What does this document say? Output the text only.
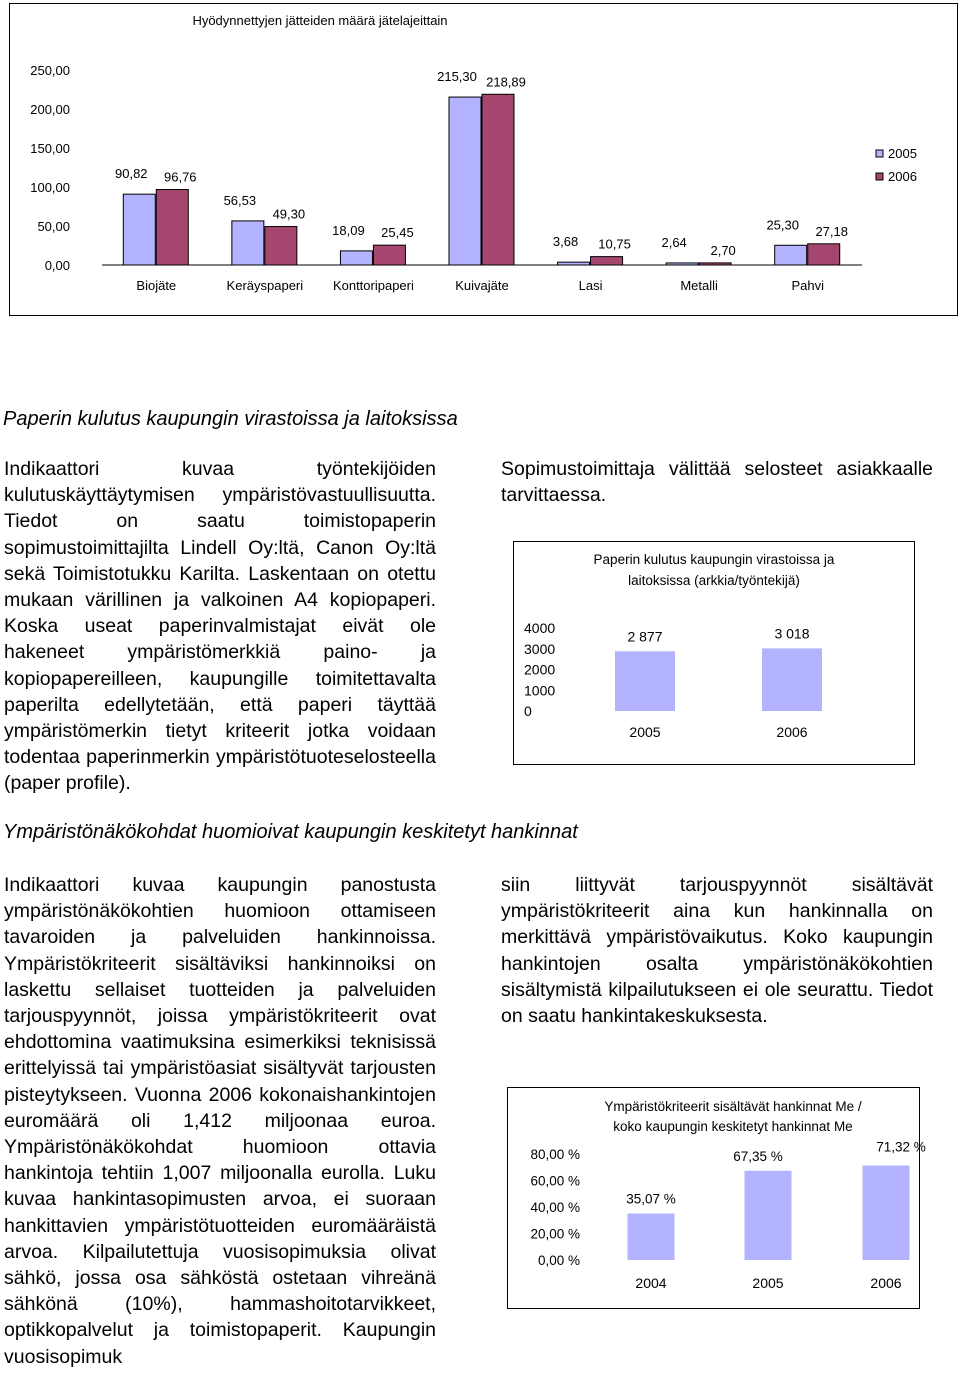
Hyödynnettyjen jätteiden määrä jätelajeittain
0,00
50,00
100,00
150,00
200,00
250,00
Biojäte
90,82 96,76
Keräyspaperi
56,53
49,30
Konttoripaperi
18,09 25,45
Kuivajäte
215,30 218,89
Lasi
3,68 10,75
Metalli
2,64
2,70
Pahvi
25,30 27,18
2005
2006
Paperin kulutus kaupungin virastoissa ja laitoksissa

Indikaattori kuvaa työntekijöiden kulutuskäyttäytymisen ympäristövastuullisuutta. Tiedot on saatu toimistopaperin sopimustoimittajilta Lindell Oy:ltä, Canon Oy:ltä sekä Toimistotukku Karilta. Laskentaan on otettu mukaan värillinen ja valkoinen A4 kopiopaperi. Koska useat paperinvalmistajat eivät ole hakeneet ympäristömerkkiä paino- ja kopiopapereilleen, kaupungille toimitettavalta paperilta edellytetään, että paperi täyttää ympäristömerkin tietyt kriteerit jotka voidaan todentaa paperinmerkin ympäristötuoteselosteella (paper profile).

Sopimustoimittaja välittää selosteet asiakkaalle tarvittaessa.

Paperin kulutus kaupungin virastoissa ja
laitoksissa (arkkia/työntekijä)
0
1000
2000
3000
4000
2 877
2005
3 018
2006
Ympäristönäkökohdat huomioivat kaupungin keskitetyt hankinnat

Indikaattori kuvaa kaupungin panostusta ympäristönäkökohtien huomioon ottamiseen tavaroiden ja palveluiden hankinnoissa. Ympäristökriteerit sisältäviksi hankinnoiksi on laskettu sellaiset tuotteiden ja palveluiden tarjouspyynnöt, joissa ympäristökriteerit ovat ehdottomina vaatimuksina esimerkiksi teknisissä erittelyissä tai ympäristöasiat sisältyvät tarjousten pisteytykseen. Vuonna 2006 kokonaishankintojen euromäärä oli 1,412 miljoonaa euroa. Ympäristönäkökohdat huomioon ottavia hankintoja tehtiin 1,007 miljoonalla eurolla. Luku kuvaa hankintasopimusten arvoa, ei suoraan hankittavien ympäristötuotteiden euromääräistä arvoa. Kilpailutettuja vuosisopimuksia olivat sähkö, jossa osa sähköstä ostetaan vihreänä sähkönä (10%), hammashoitotarvikkeet, optikkopalvelut ja toimistopaperit. Kaupungin vuosisopimuk

siin liittyvät tarjouspyynnöt sisältävät ympäristökriteerit aina kun hankinnalla on merkittävä ympäristövaikutus. Koko kaupungin hankintojen osalta ympäristönäkökohtien sisältymistä kilpailutukseen ei ole seurattu. Tiedot on saatu hankintakeskuksesta.

Ympäristökriteerit sisältävät hankinnat Me /
koko kaupungin keskitetyt hankinnat Me
0,00 %
20,00 %
40,00 %
60,00 %
80,00 %
35,07 %
2004
67,35 %
2005
71,32 %
2006
